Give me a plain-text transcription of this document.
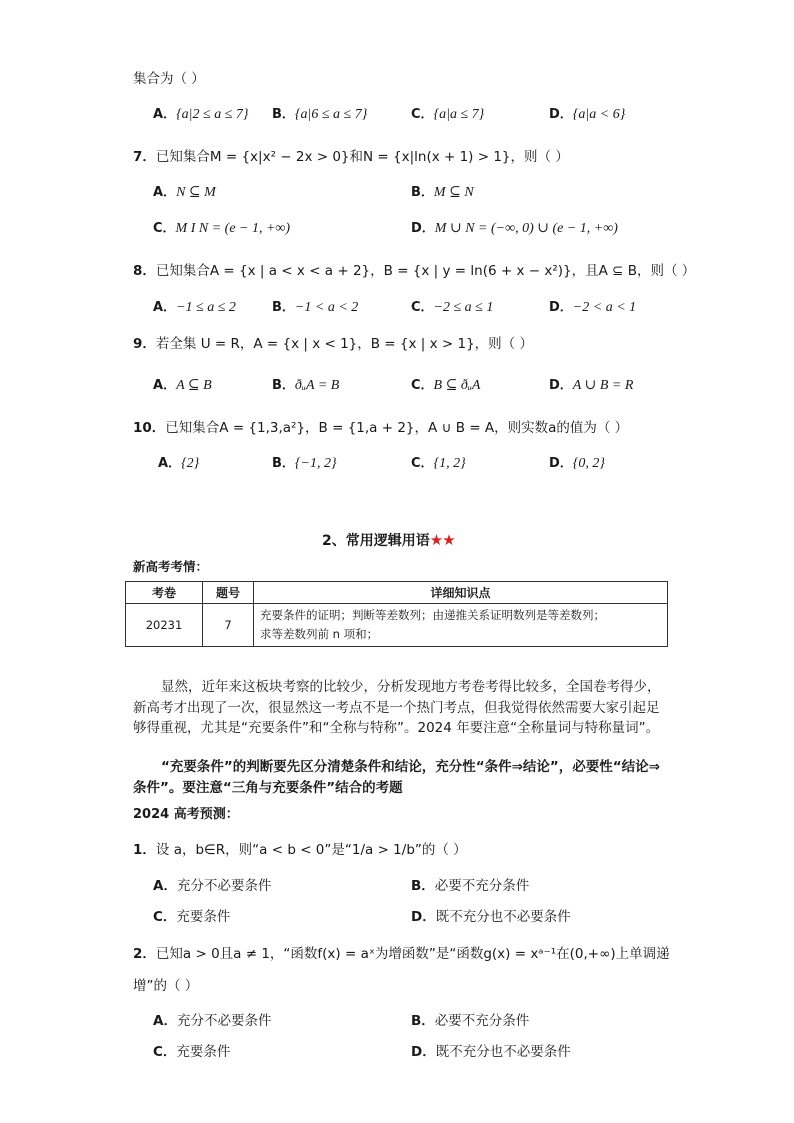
集合为（ ）
A．{a|2 ≤ a ≤ 7} B．{a|6 ≤ a ≤ 7}	C．{a|a ≤ 7}	D．{a|a < 6}
7．已知集合M = {x|x² − 2x > 0}和N = {x|ln(x + 1) > 1}，则（ ）
A．N ⊆ M	B．M ⊆ N
C．M I N = (e − 1, +∞)	D．M ∪ N = (−∞, 0) ∪ (e − 1, +∞)
8．已知集合A = {x | a < x < a + 2}，B = {x | y = ln(6 + x − x²)}，且A ⊆ B，则（ ）
A．−1 ≤ a ≤ 2	B．−1 < a < 2	C．−2 ≤ a ≤ 1	D．−2 < a < 1
9．若全集 U = R，A = {x | x < 1}，B = {x | x > 1}，则（ ）
A．A ⊆ B	B．ðᵤA = B	C．B ⊆ ðᵤA	D．A ∪ B = R
10．已知集合A = {1,3,a²}，B = {1,a + 2}，A ∪ B = A，则实数a的值为（ ）
A．{2}	B．{−1, 2}	C．{1, 2}	D．{0, 2}
2、常用逻辑用语★★
新高考考情：
考卷	题号	详细知识点
20231	7	充要条件的证明；判断等差数列；由递推关系证明数列是等差数列；
求等差数列前 n 项和；
显然，近年来这板块考察的比较少，分析发现地方考卷考得比较多，全国卷考得少，新高考才出现了一次，很显然这一考点不是一个热门考点，但我觉得依然需要大家引起足够得重视，尤其是“充要条件”和“全称与特称”。2024 年要注意“全称量词与特称量词”。
“充要条件”的判断要先区分清楚条件和结论，充分性“条件⇒结论”，必要性“结论⇒条件”。要注意“三角与充要条件”结合的考题
2024 高考预测：
1．设 a，b∈R，则“a < b < 0”是“1/a > 1/b”的（ ）
A．充分不必要条件	B．必要不充分条件
C．充要条件	D．既不充分也不必要条件
2．已知a > 0且a ≠ 1，“函数f(x) = aˣ为增函数”是“函数g(x) = xᵃ⁻¹在(0,+∞)上单调递
增”的（ ）
A．充分不必要条件	B．必要不充分条件
C．充要条件	D．既不充分也不必要条件
